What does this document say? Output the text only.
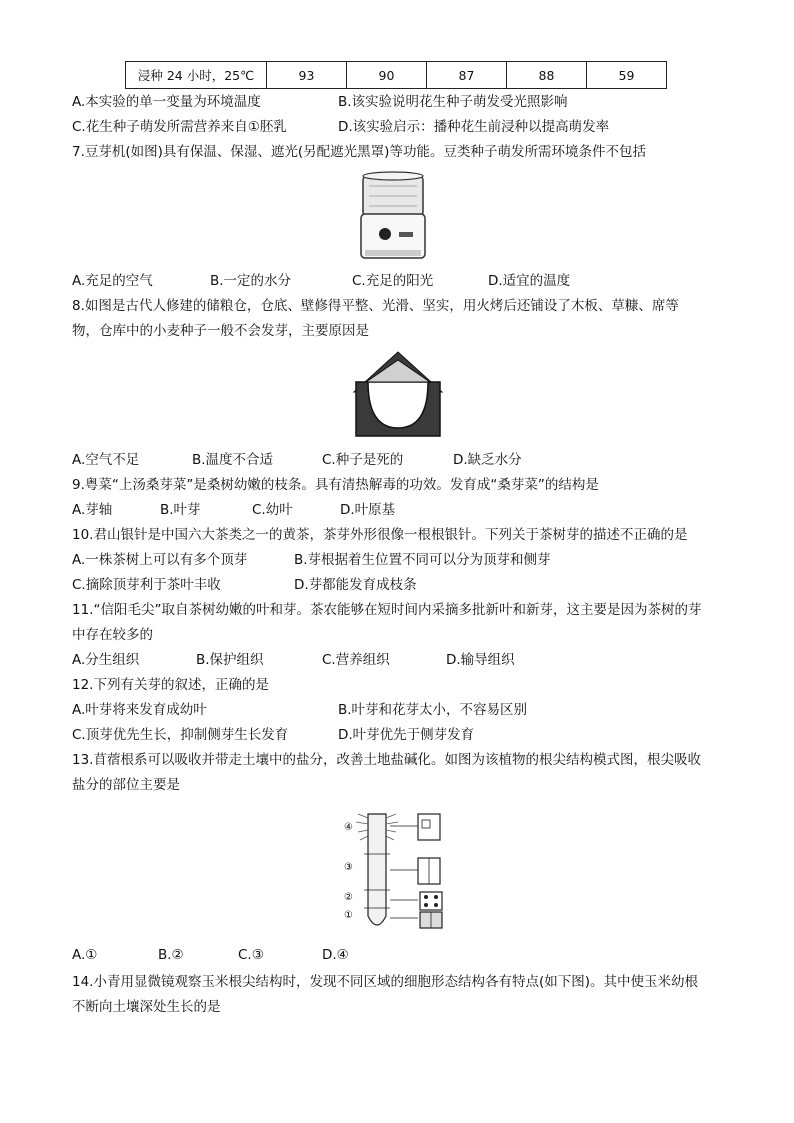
浸种 24 小时，25℃	93	90	87	88	59
A.本实验的单一变量为环境温度	B.该实验说明花生种子萌发受光照影响
C.花生种子萌发所需营养来自①胚乳	D.该实验启示：播种花生前浸种以提高萌发率
7.豆芽机(如图)具有保温、保湿、遮光(另配遮光黑罩)等功能。豆类种子萌发所需环境条件不包括
A.充足的空气	B.一定的水分	C.充足的阳光	D.适宜的温度
8.如图是古代人修建的储粮仓，仓底、壁修得平整、光滑、坚实，用火烤后还铺设了木板、草糠、席等
物，仓库中的小麦种子一般不会发芽，主要原因是
A.空气不足	B.温度不合适	C.种子是死的	D.缺乏水分
9.粤菜“上汤桑芽菜”是桑树幼嫩的枝条。具有清热解毒的功效。发育成“桑芽菜”的结构是
A.芽轴	B.叶芽	C.幼叶	D.叶原基
10.君山银针是中国六大茶类之一的黄茶，茶芽外形很像一根根银针。下列关于茶树芽的描述不正确的是
A.一株茶树上可以有多个顶芽	B.芽根据着生位置不同可以分为顶芽和侧芽
C.摘除顶芽利于茶叶丰收	D.芽都能发育成枝条
11.“信阳毛尖”取自茶树幼嫩的叶和芽。茶农能够在短时间内采摘多批新叶和新芽，这主要是因为茶树的芽
中存在较多的
A.分生组织	B.保护组织	C.营养组织	D.输导组织
12.下列有关芽的叙述，正确的是
A.叶芽将来发育成幼叶	B.叶芽和花芽太小，不容易区别
C.顶芽优先生长，抑制侧芽生长发育	D.叶芽优先于侧芽发育
13.苜蓿根系可以吸收并带走土壤中的盐分，改善土地盐碱化。如图为该植物的根尖结构模式图，根尖吸收
盐分的部位主要是
④
③
②
①
A.①	B.②	C.③	D.④
14.小青用显微镜观察玉米根尖结构时，发现不同区域的细胞形态结构各有特点(如下图)。其中使玉米幼根
不断向土壤深处生长的是
